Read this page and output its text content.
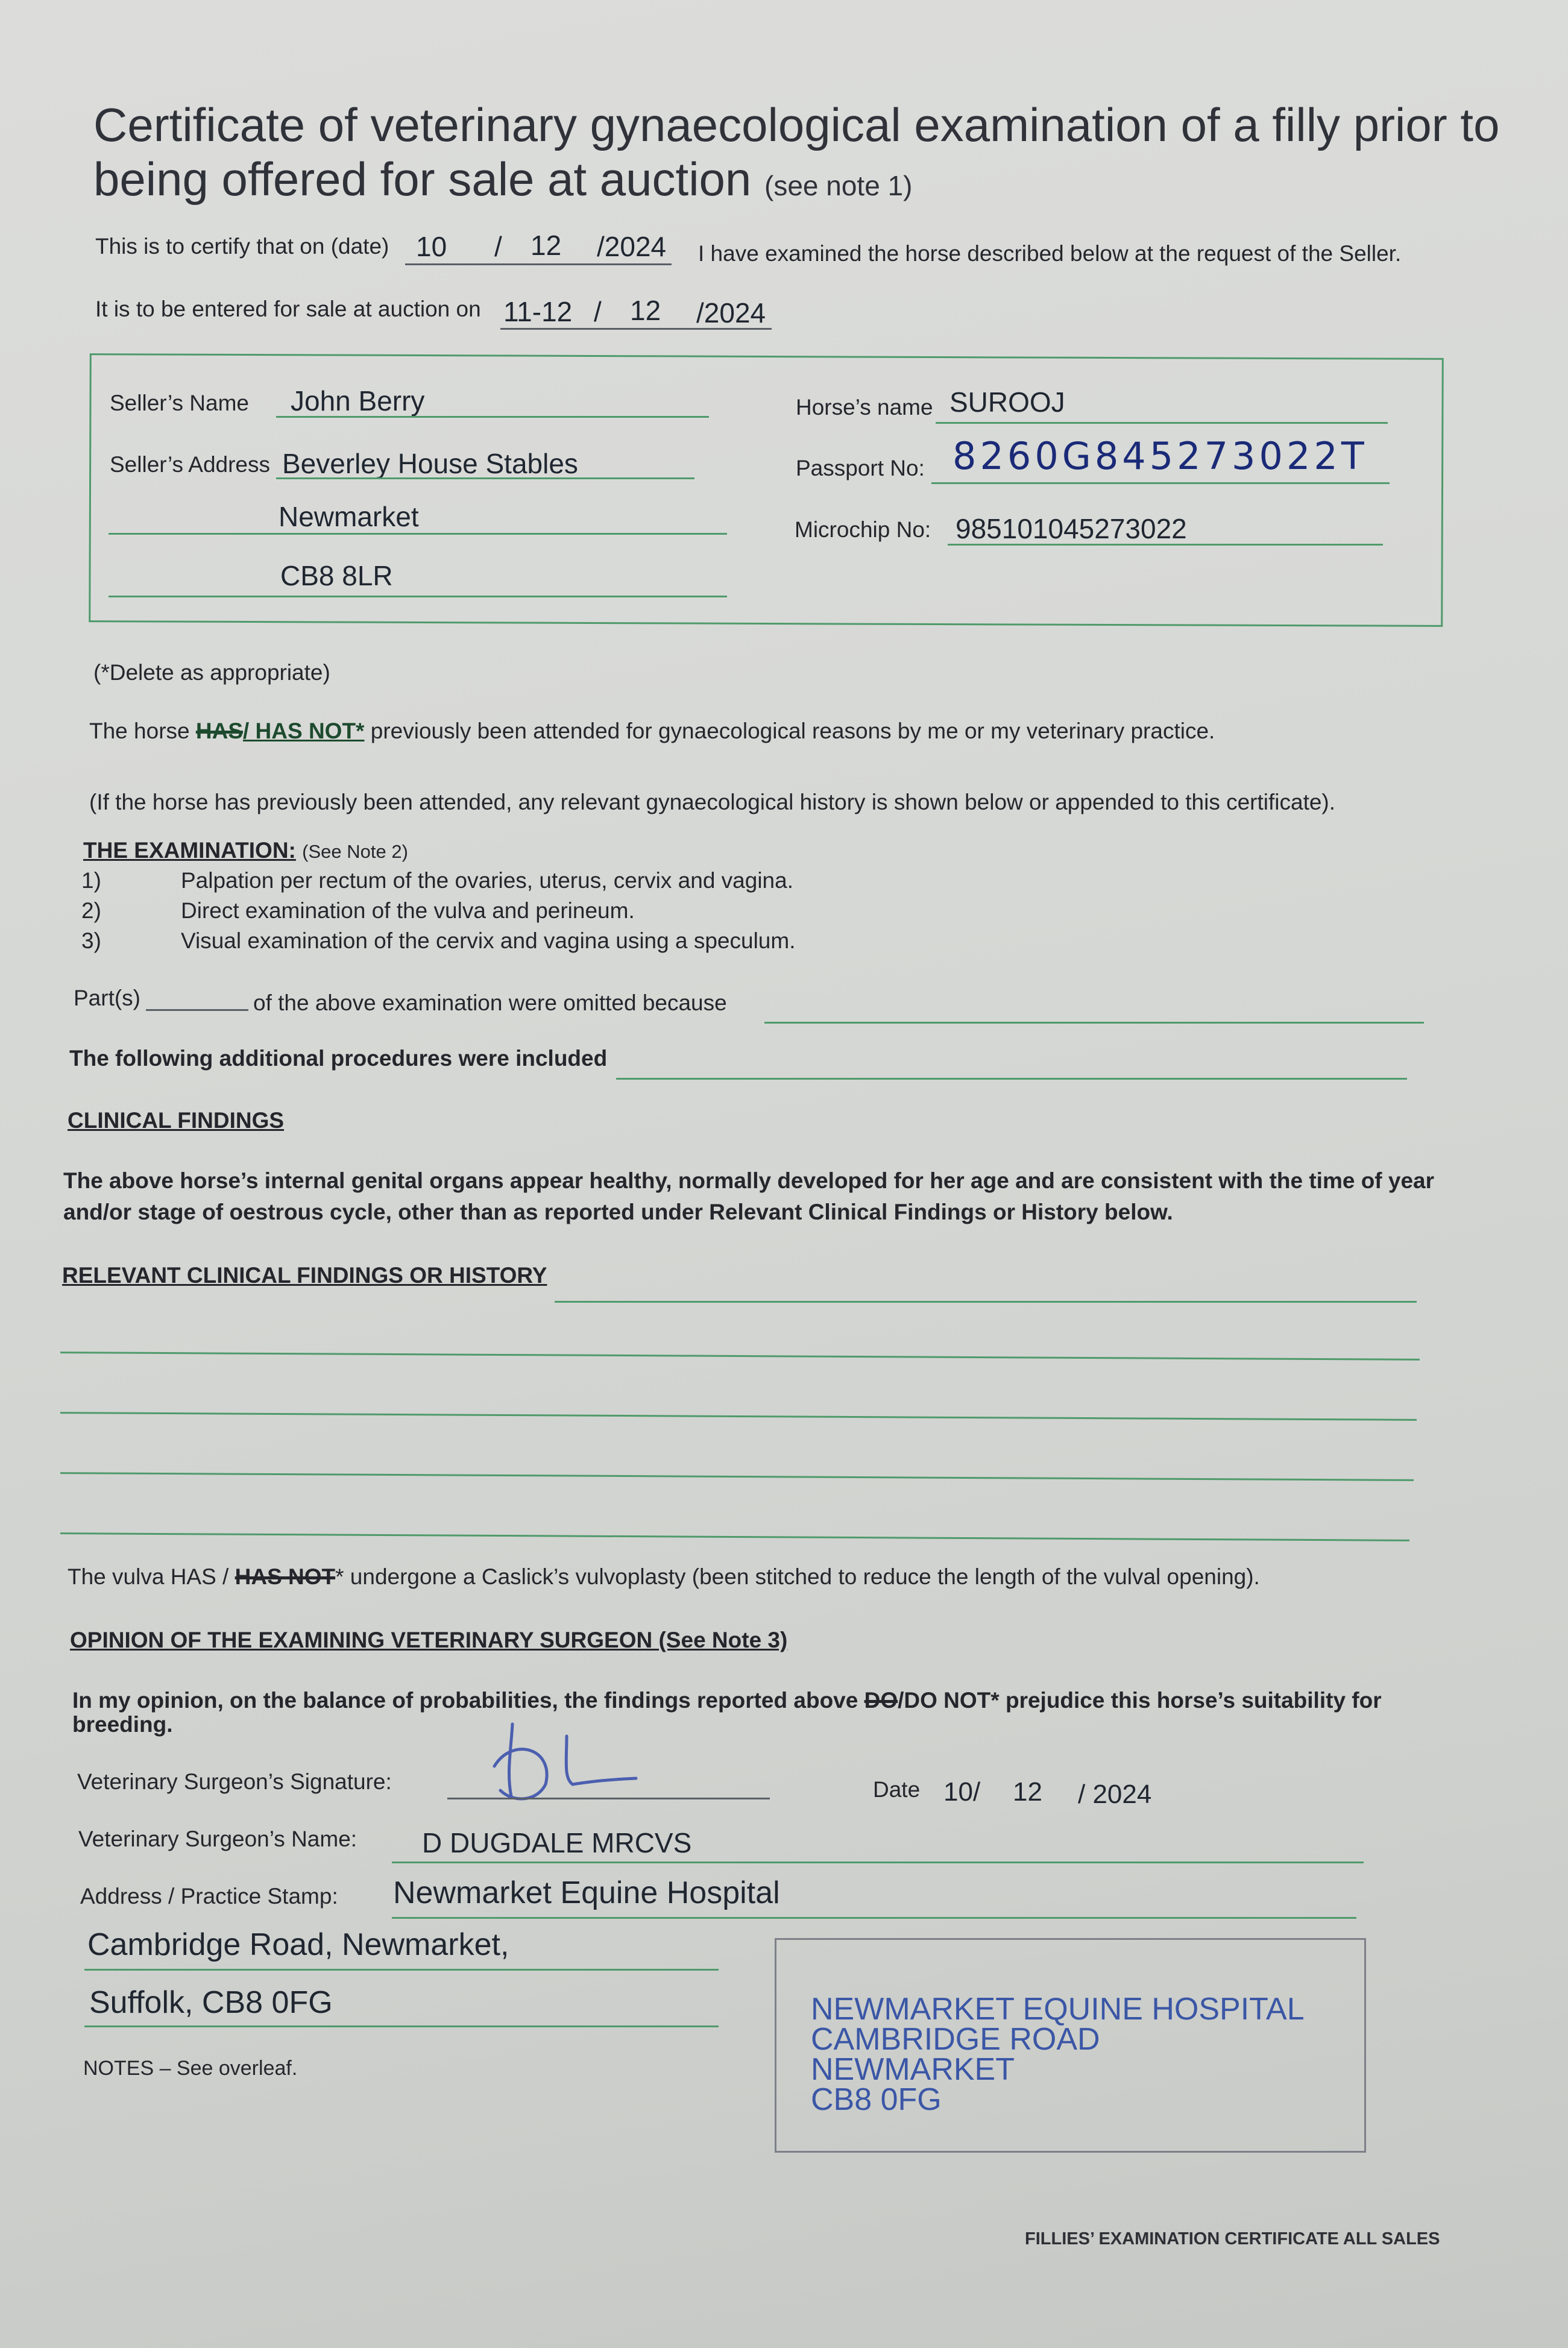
Certificate of veterinary gynaecological examination of a filly prior to
being offered for sale at auction (see note 1)
This is to certify that on (date) 10 / 12 /2024 I have examined the horse described below at the request of the Seller.
It is to be entered for sale at auction on 11-12 / 12 /2024
Seller’s Name John Berry
Seller’s Address Beverley House Stables
Newmarket
CB8 8LR
Horse’s name SUROOJ
Passport No: 8260G845273022T
Microchip No: 985101045273022
(*Delete as appropriate)
The horse HAS/ HAS NOT* previously been attended for gynaecological reasons by me or my veterinary practice.
(If the horse has previously been attended, any relevant gynaecological history is shown below or appended to this certificate).
THE EXAMINATION: (See Note 2)
1)	Palpation per rectum of the ovaries, uterus, cervix and vagina.
2)	Direct examination of the vulva and perineum.
3)	Visual examination of the cervix and vagina using a speculum.
Part(s)	of the above examination were omitted because
The following additional procedures were included
CLINICAL FINDINGS
The above horse’s internal genital organs appear healthy, normally developed for her age and are consistent with the time of year
and/or stage of oestrous cycle, other than as reported under Relevant Clinical Findings or History below.
RELEVANT CLINICAL FINDINGS OR HISTORY
The vulva HAS / HAS NOT* undergone a Caslick’s vulvoplasty (been stitched to reduce the length of the vulval opening).
OPINION OF THE EXAMINING VETERINARY SURGEON (See Note 3)
In my opinion, on the balance of probabilities, the findings reported above DO/DO NOT* prejudice this horse’s suitability for
breeding.
Veterinary Surgeon’s Signature:	Date 10/ 12 / 2024
Veterinary Surgeon’s Name: D DUGDALE MRCVS
Address / Practice Stamp: Newmarket Equine Hospital
Cambridge Road, Newmarket,
Suffolk, CB8 0FG	NEWMARKET EQUINE HOSPITAL
CAMBRIDGE ROAD
NEWMARKET
CB8 0FG
NOTES – See overleaf.
FILLIES’ EXAMINATION CERTIFICATE ALL SALES
